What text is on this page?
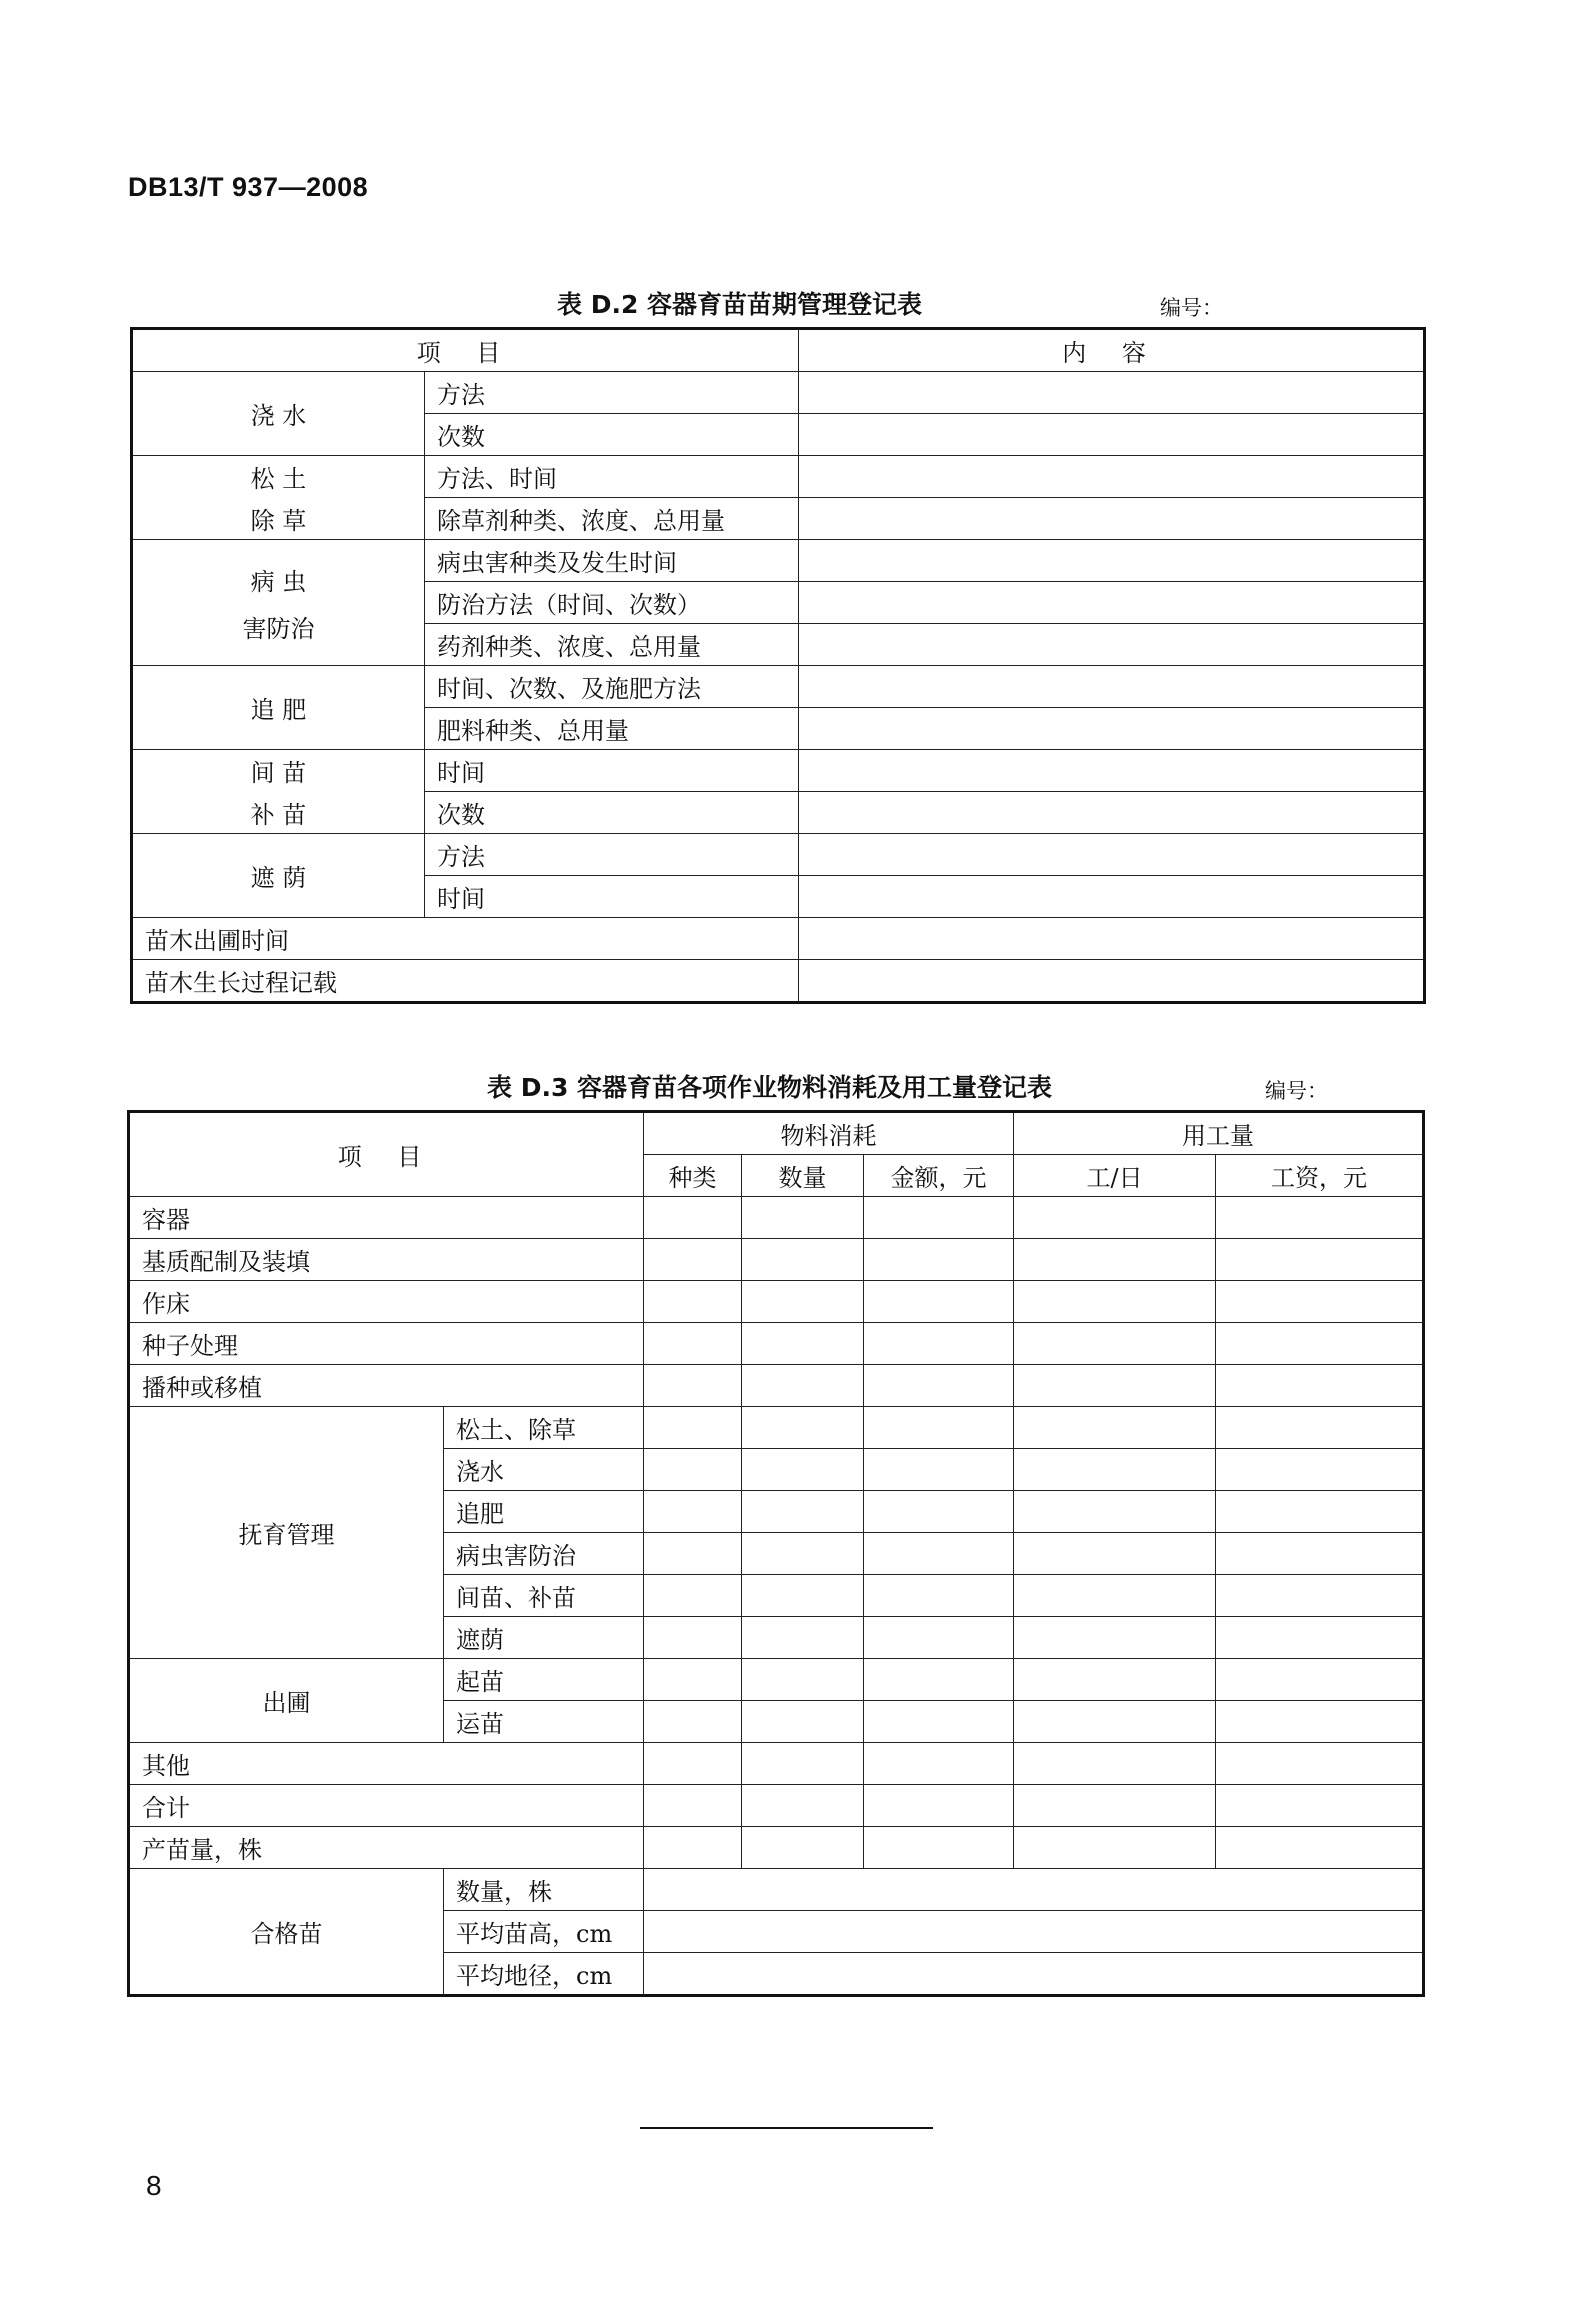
DB13/T 937—2008
表 D.2 容器育苗苗期管理登记表	编号：
项 目		内 容
浇 水	方法	
	次数	
松 土	方法、时间	
除 草	除草剂种类、浓度、总用量	

病 虫
害防治	病虫害种类及发生时间	
	防治方法（时间、次数）	
	药剂种类、浓度、总用量	
追 肥	时间、次数、及施肥方法	
	肥料种类、总用量	
间 苗	时间	
补 苗	次数	
遮 荫	方法	
	时间	
苗木出圃时间		
苗木生长过程记载		
表 D.3 容器育苗各项作业物料消耗及用工量登记表	编号：
项 目		物料消耗			用工量	
		种类	数量	金额，元	工/日	工资，元
容器						
基质配制及装填						
作床						
种子处理						
播种或移植						
抚育管理	松土、除草					
	浇水					
	追肥					
	病虫害防治					
	间苗、补苗					
	遮荫					
出圃	起苗					
	运苗					
其他						
合计						
产苗量，株						
合格苗	数量，株					
	平均苗高，cm					
	平均地径，cm					
8
